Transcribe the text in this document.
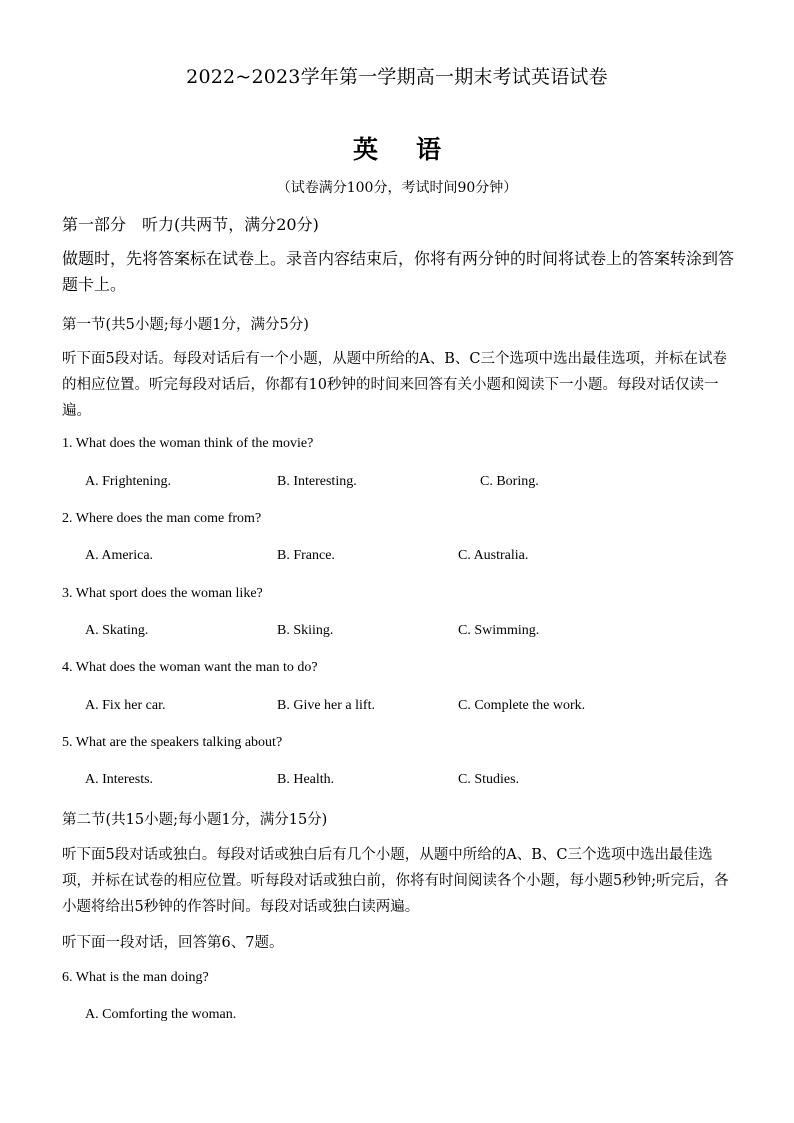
2022~2023学年第一学期高一期末考试英语试卷
英语
（试卷满分100分，考试时间90分钟）
第一部分　听力(共两节，满分20分)
做题时，先将答案标在试卷上。录音内容结束后，你将有两分钟的时间将试卷上的答案转涂到答题卡上。
第一节(共5小题;每小题1分，满分5分)
听下面5段对话。每段对话后有一个小题，从题中所给的A、B、C三个选项中选出最佳选项，并标在试卷的相应位置。听完每段对话后，你都有10秒钟的时间来回答有关小题和阅读下一小题。每段对话仅读一遍。
1. What does the woman think of the movie?
A. Frightening.	B. Interesting.	C. Boring.
2. Where does the man come from?
A. America.	B. France.	C. Australia.
3. What sport does the woman like?
A. Skating.	B. Skiing.	C. Swimming.
4. What does the woman want the man to do?
A. Fix her car.	B. Give her a lift.	C. Complete the work.
5. What are the speakers talking about?
A. Interests.	B. Health.	C. Studies.
第二节(共15小题;每小题1分，满分15分)
听下面5段对话或独白。每段对话或独白后有几个小题，从题中所给的A、B、C三个选项中选出最佳选项，并标在试卷的相应位置。听每段对话或独白前，你将有时间阅读各个小题，每小题5秒钟;听完后，各小题将给出5秒钟的作答时间。每段对话或独白读两遍。
听下面一段对话，回答第6、7题。
6. What is the man doing?
A. Comforting the woman.
